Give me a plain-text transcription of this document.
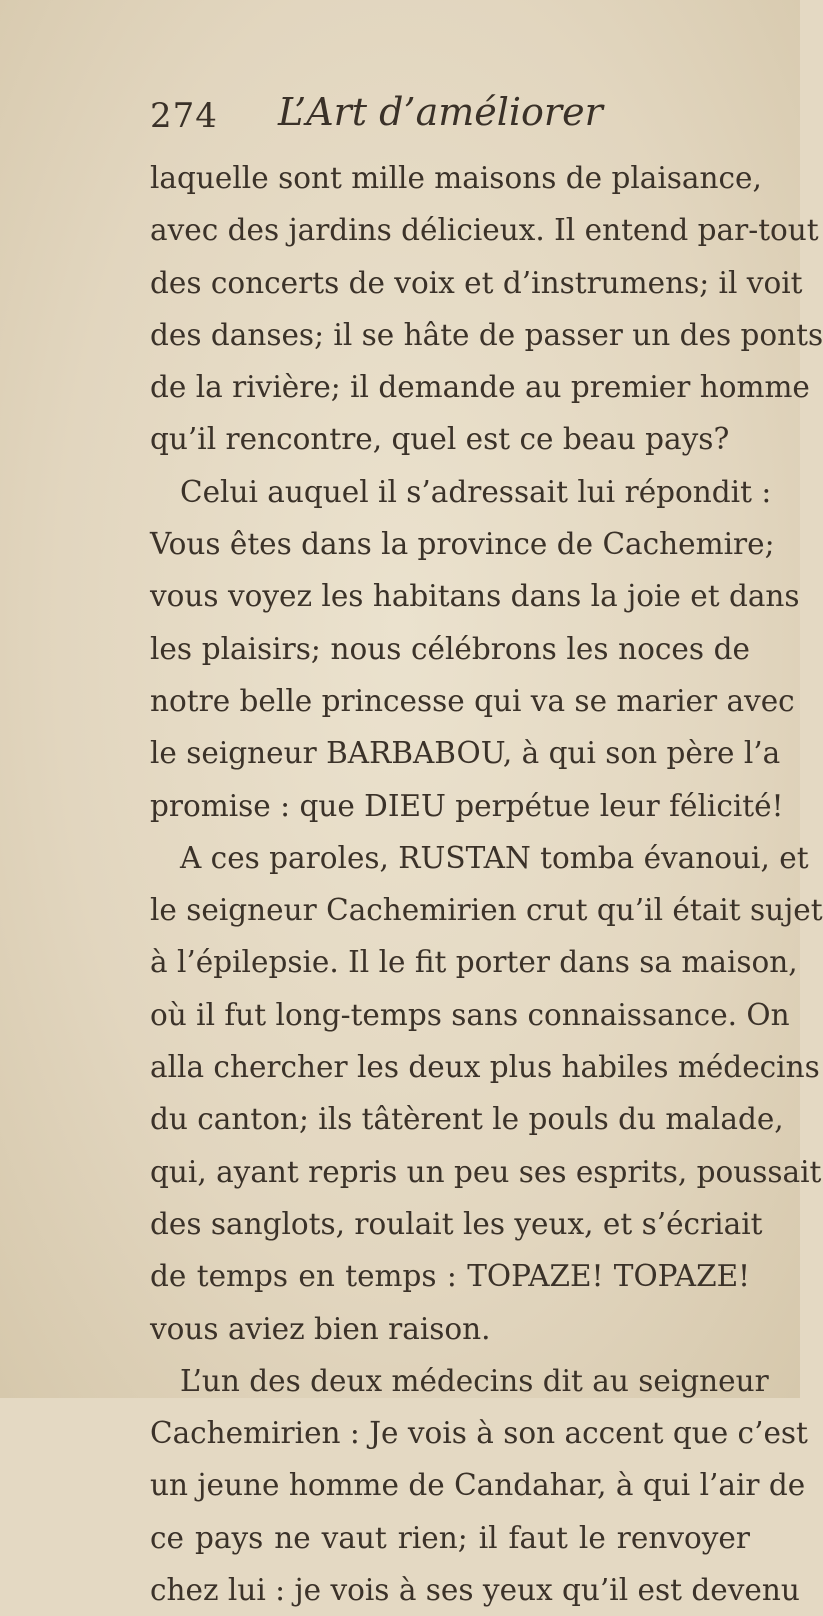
274 L’Art d’améliorer
laquelle sont mille maisons de plaisance,
avec des jardins délicieux. Il entend par-tout
des concerts de voix et d’instrumens; il voit
des danses; il se hâte de passer un des ponts
de la rivière; il demande au premier homme
qu’il rencontre, quel est ce beau pays?
Celui auquel il s’adressait lui répondit :
Vous êtes dans la province de Cachemire;
vous voyez les habitans dans la joie et dans
les plaisirs; nous célébrons les noces de
notre belle princesse qui va se marier avec
le seigneur BARBABOU, à qui son père l’a
promise : que DIEU perpétue leur félicité!
A ces paroles, RUSTAN tomba évanoui, et
le seigneur Cachemirien crut qu’il était sujet
à l’épilepsie. Il le fit porter dans sa maison,
où il fut long-temps sans connaissance. On
alla chercher les deux plus habiles médecins
du canton; ils tâtèrent le pouls du malade,
qui, ayant repris un peu ses esprits, poussait
des sanglots, roulait les yeux, et s’écriait
de temps en temps : TOPAZE! TOPAZE!
vous aviez bien raison.
L’un des deux médecins dit au seigneur
Cachemirien : Je vois à son accent que c’est
un jeune homme de Candahar, à qui l’air de
ce pays ne vaut rien; il faut le renvoyer
chez lui : je vois à ses yeux qu’il est devenu
